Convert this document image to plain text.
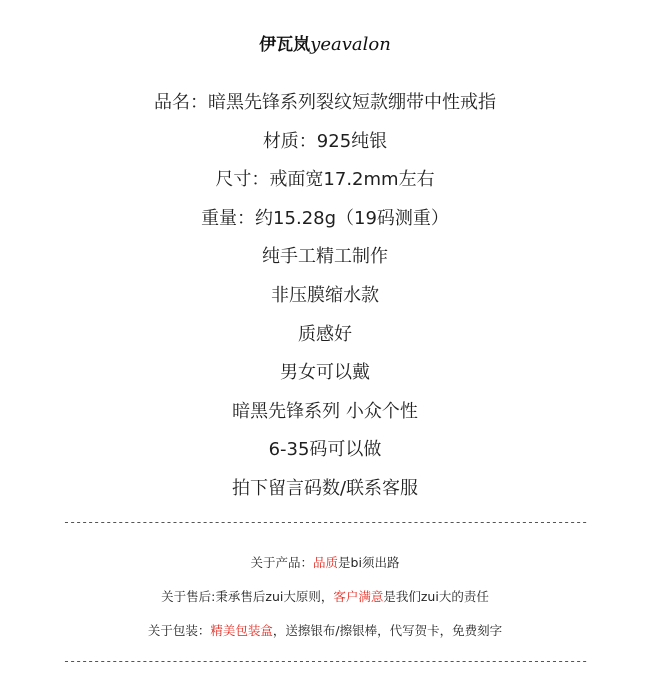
伊瓦岚yeavalon
品名：暗黑先锋系列裂纹短款绷带中性戒指
材质：925纯银
尺寸：戒面宽17.2mm左右
重量：约15.28g（19码测重）
纯手工精工制作
非压膜缩水款
质感好
男女可以戴
暗黑先锋系列 小众个性
6-35码可以做
拍下留言码数/联系客服
---------------------------------------------------------------------------------------
关于产品：品质是bi须出路
关于售后:秉承售后zui大原则，客户满意是我们zui大的责任
关于包装：精美包装盒，送擦银布/擦银棒，代写贺卡，免费刻字
---------------------------------------------------------------------------------------
